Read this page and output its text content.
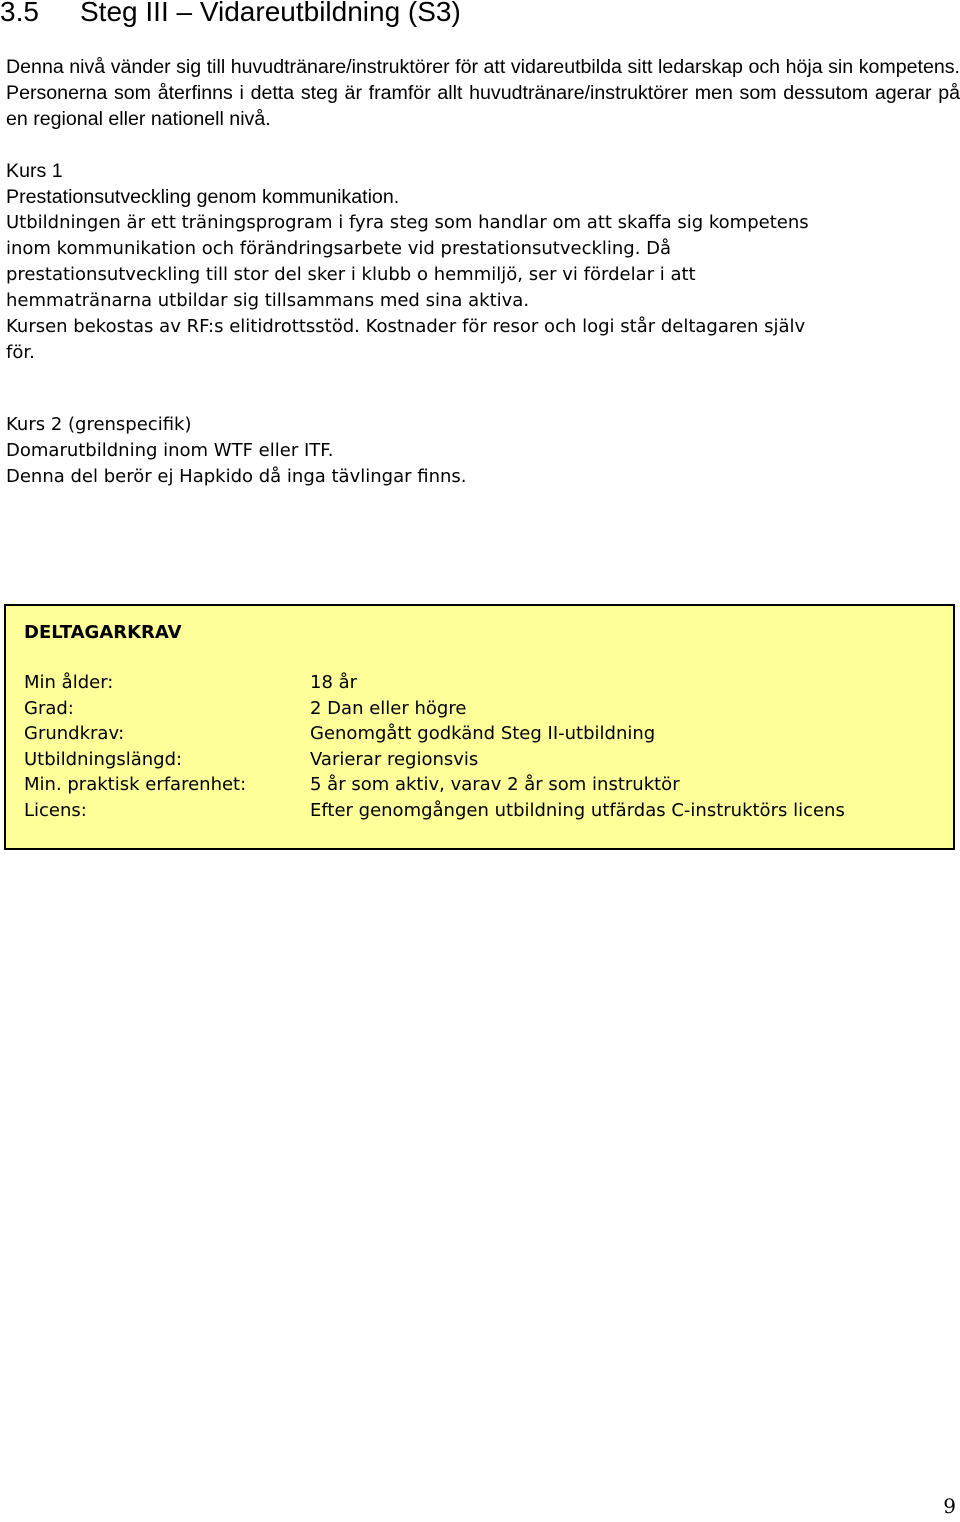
3.5 Steg III – Vidareutbildning (S3)

Denna nivå vänder sig till huvudtränare/instruktörer för att vidareutbilda sitt ledarskap och höja sin kompetens. Personerna som återfinns i detta steg är framför allt huvudtränare/instruktörer men som dessutom agerar på en regional eller nationell nivå.

Kurs 1
Prestationsutveckling genom kommunikation.
Utbildningen är ett träningsprogram i fyra steg som handlar om att skaffa sig kompetens
inom kommunikation och förändringsarbete vid prestationsutveckling. Då
prestationsutveckling till stor del sker i klubb o hemmiljö, ser vi fördelar i att
hemmatränarna utbildar sig tillsammans med sina aktiva.
Kursen bekostas av RF:s elitidrottsstöd. Kostnader för resor och logi står deltagaren själv
för.
Kurs 2 (grenspecifik)
Domarutbildning inom WTF eller ITF.
Denna del berör ej Hapkido då inga tävlingar finns.
DELTAGARKRAV
Min ålder:	18 år
Grad:	2 Dan eller högre
Grundkrav:	Genomgått godkänd Steg II-utbildning
Utbildningslängd:	Varierar regionsvis
Min. praktisk erfarenhet:	5 år som aktiv, varav 2 år som instruktör
Licens:	Efter genomgången utbildning utfärdas C-instruktörs licens
9
